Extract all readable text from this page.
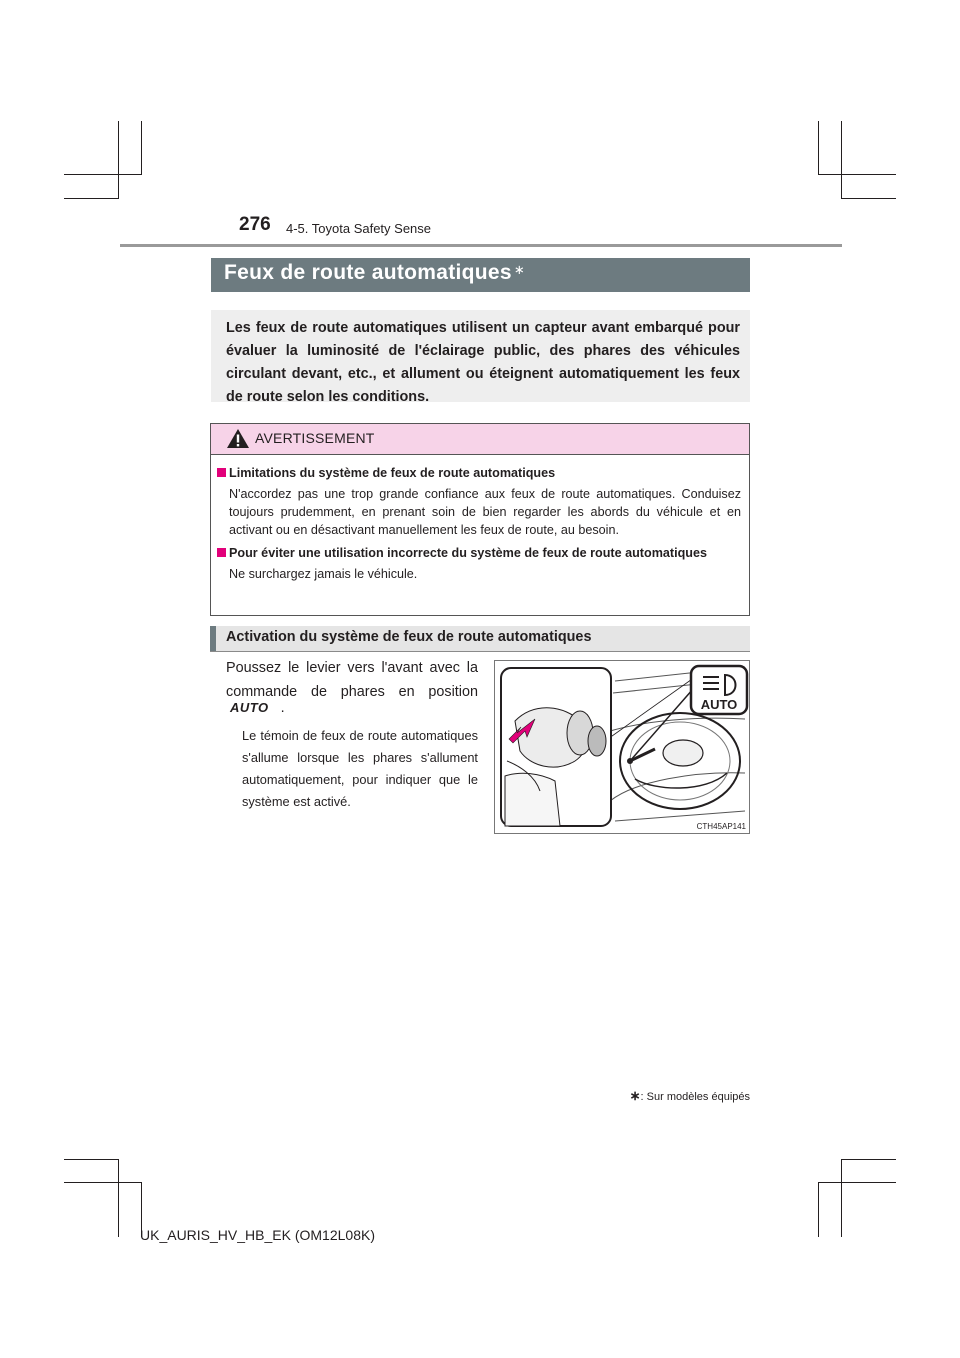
276 4-5. Toyota Safety Sense
Feux de route automatiques ∗
Les feux de route automatiques utilisent un capteur avant embarqué pour évaluer la luminosité de l'éclairage public, des phares des véhicules circulant devant, etc., et allument ou éteignent automatiquement les feux de route selon les conditions.
AVERTISSEMENT
Limitations du système de feux de route automatiques
N'accordez pas une trop grande confiance aux feux de route automatiques. Conduisez toujours prudemment, en prenant soin de bien regarder les abords du véhicule et en activant ou en désactivant manuellement les feux de route, au besoin.
Pour éviter une utilisation incorrecte du système de feux de route automatiques
Ne surchargez jamais le véhicule.
Activation du système de feux de route automatiques
Poussez le levier vers l'avant avec la commande de phares en position
AUTO .
Le témoin de feux de route automatiques s'allume lorsque les phares s'allument automatiquement, pour indiquer que le système est activé.
AUTO
CTH45AP141
∗: Sur modèles équipés
UK_AURIS_HV_HB_EK (OM12L08K)
